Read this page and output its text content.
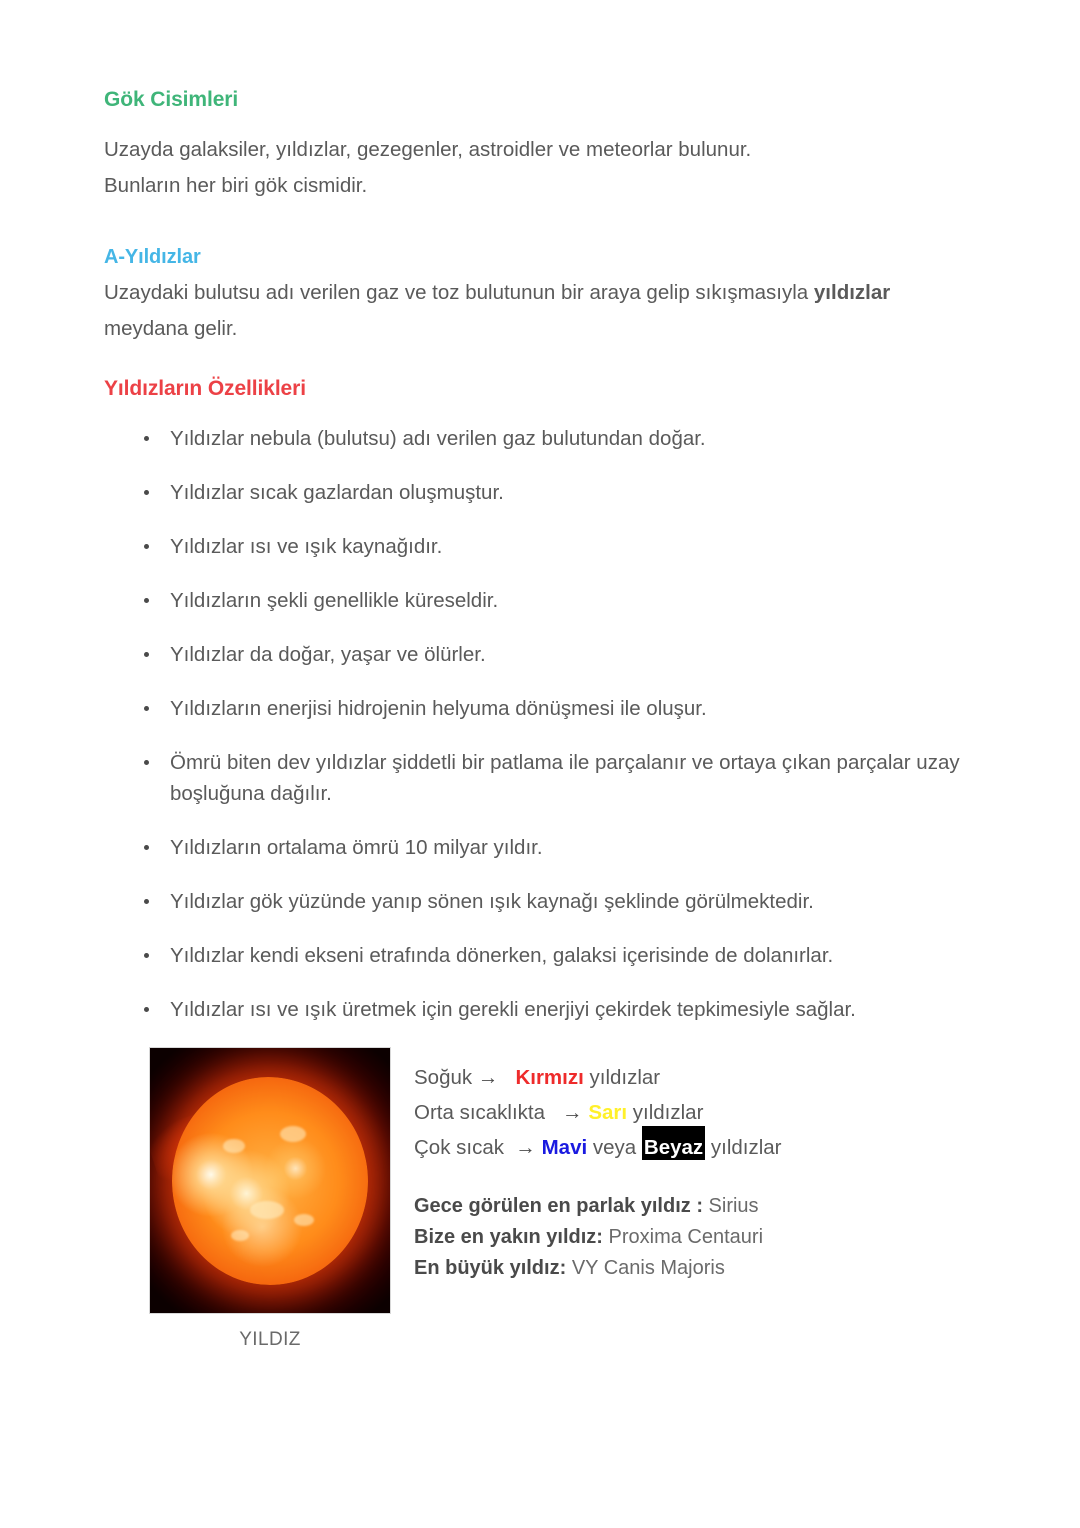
Gök Cisimleri

Uzayda galaksiler, yıldızlar, gezegenler, astroidler ve meteorlar bulunur.

Bunların her biri gök cismidir.

A-Yıldızlar

Uzaydaki bulutsu adı verilen gaz ve toz bulutunun bir araya gelip sıkışmasıyla yıldızlar meydana gelir.

Yıldızların Özellikleri
Yıldızlar nebula (bulutsu) adı verilen gaz bulutundan doğar.
Yıldızlar sıcak gazlardan oluşmuştur.
Yıldızlar ısı ve ışık kaynağıdır.
Yıldızların şekli genellikle küreseldir.
Yıldızlar da doğar, yaşar ve ölürler.
Yıldızların enerjisi hidrojenin helyuma dönüşmesi ile oluşur.
Ömrü biten dev yıldızlar şiddetli bir patlama ile parçalanır ve ortaya çıkan parçalar uzay boşluğuna dağılır.
Yıldızların ortalama ömrü 10 milyar yıldır.
Yıldızlar gök yüzünde yanıp sönen ışık kaynağı şeklinde görülmektedir.
Yıldızlar kendi ekseni etrafında dönerken, galaksi içerisinde de dolanırlar.
Yıldızlar ısı ve ışık üretmek için gerekli enerjiyi çekirdek tepkimesiyle sağlar.
YILDIZ
Soğuk → Kırmızı yıldızlar
Orta sıcaklıkta → Sarı yıldızlar
Çok sıcak → Mavi veya Beyaz yıldızlar
Gece görülen en parlak yıldız : Sirius
Bize en yakın yıldız: Proxima Centauri
En büyük yıldız: VY Canis Majoris
